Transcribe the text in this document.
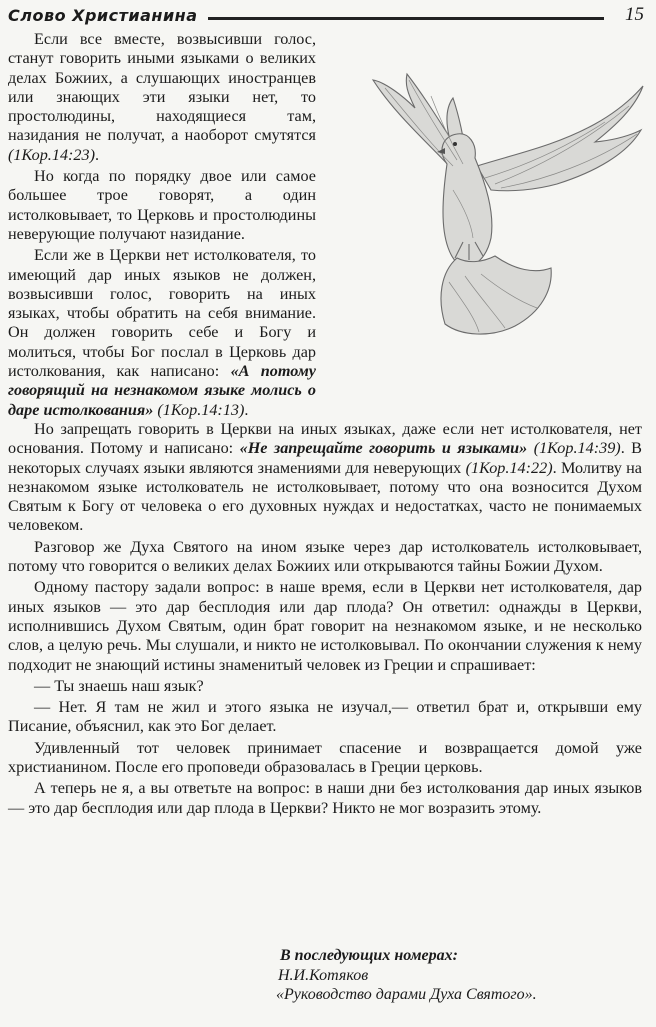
Слово Христианина	15

Если все вместе, возвысивши голос, станут говорить иными языками о великих делах Божиих, а слушающих иностранцев или знающих эти языки нет, то простолюдины, находящиеся там, назидания не получат, а наоборот смутятся (1Кор.14:23).

Но когда по порядку двое или самое большее трое говорят, а один истолковывает, то Церковь и простолюдины неверующие получают назидание.

Если же в Церкви нет истолкователя, то имеющий дар иных языков не должен, возвысивши голос, говорить на иных языках, чтобы обратить на себя внимание. Он должен говорить себе и Богу и молиться, чтобы Бог послал в Церковь дар истолкования, как написано: «А потому говорящий на незнакомом языке молись о даре истолкования» (1Кор.14:13).

Но запрещать говорить в Церкви на иных языках, даже если нет истолкователя, нет основания. Потому и написано: «Не запрещайте говорить и языками» (1Кор.14:39). В некоторых случаях языки являются знамениями для неверующих (1Кор.14:22). Молитву на незнакомом языке истолкователь не истолковывает, потому что она возносится Духом Святым к Богу от человека о его духовных нуждах и недостатках, часто не понимаемых человеком.

Разговор же Духа Святого на ином языке через дар истолкователь истолковывает, потому что говорится о великих делах Божиих или открываются тайны Божии Духом.

Одному пастору задали вопрос: в наше время, если в Церкви нет истолкователя, дар иных языков — это дар бесплодия или дар плода? Он ответил: однажды в Церкви, исполнившись Духом Святым, один брат говорит на незнакомом языке, и не несколько слов, а целую речь. Мы слушали, и никто не истолковывал. По окончании служения к нему подходит не знающий истины знаменитый человек из Греции и спрашивает:

— Ты знаешь наш язык?

— Нет. Я там не жил и этого языка не изучал,— ответил брат и, открывши ему Писание, объяснил, как это Бог делает.

Удивленный тот человек принимает спасение и возвращается домой уже христианином. После его проповеди образовалась в Греции церковь.

А теперь не я, а вы ответьте на вопрос: в наши дни без истолкования дар иных языков — это дар бесплодия или дар плода в Церкви? Никто не мог возразить этому.

В последующих номерах:
Н.И.Котяков
«Руководство дарами Духа Святого».
